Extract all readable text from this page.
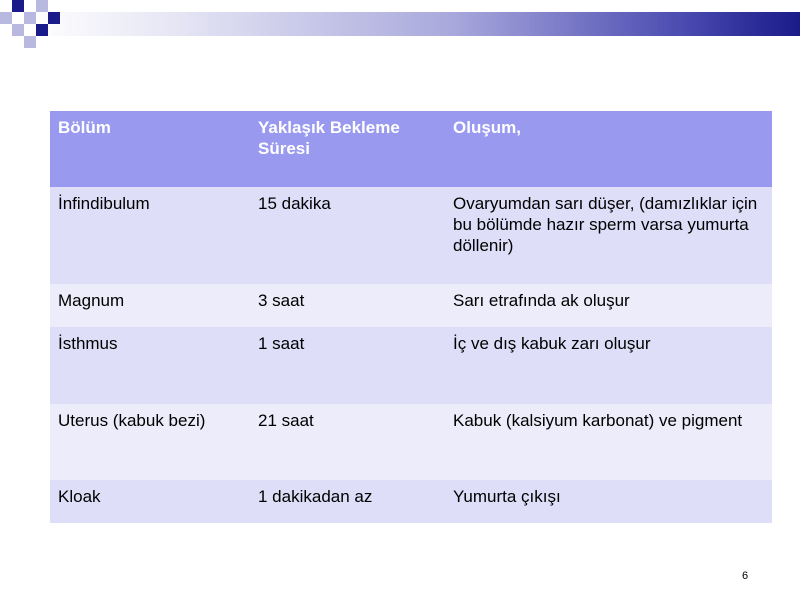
Bölüm	Yaklaşık Bekleme Süresi	Oluşum,
İnfindibulum	15 dakika	Ovaryumdan sarı düşer, (damızlıklar için bu bölümde hazır sperm varsa yumurta döllenir)
Magnum	3 saat	Sarı etrafında ak oluşur
İsthmus	1 saat	İç ve dış kabuk zarı oluşur
Uterus (kabuk bezi)	21 saat	Kabuk (kalsiyum karbonat) ve pigment
Kloak	1 dakikadan az	Yumurta çıkışı
6
